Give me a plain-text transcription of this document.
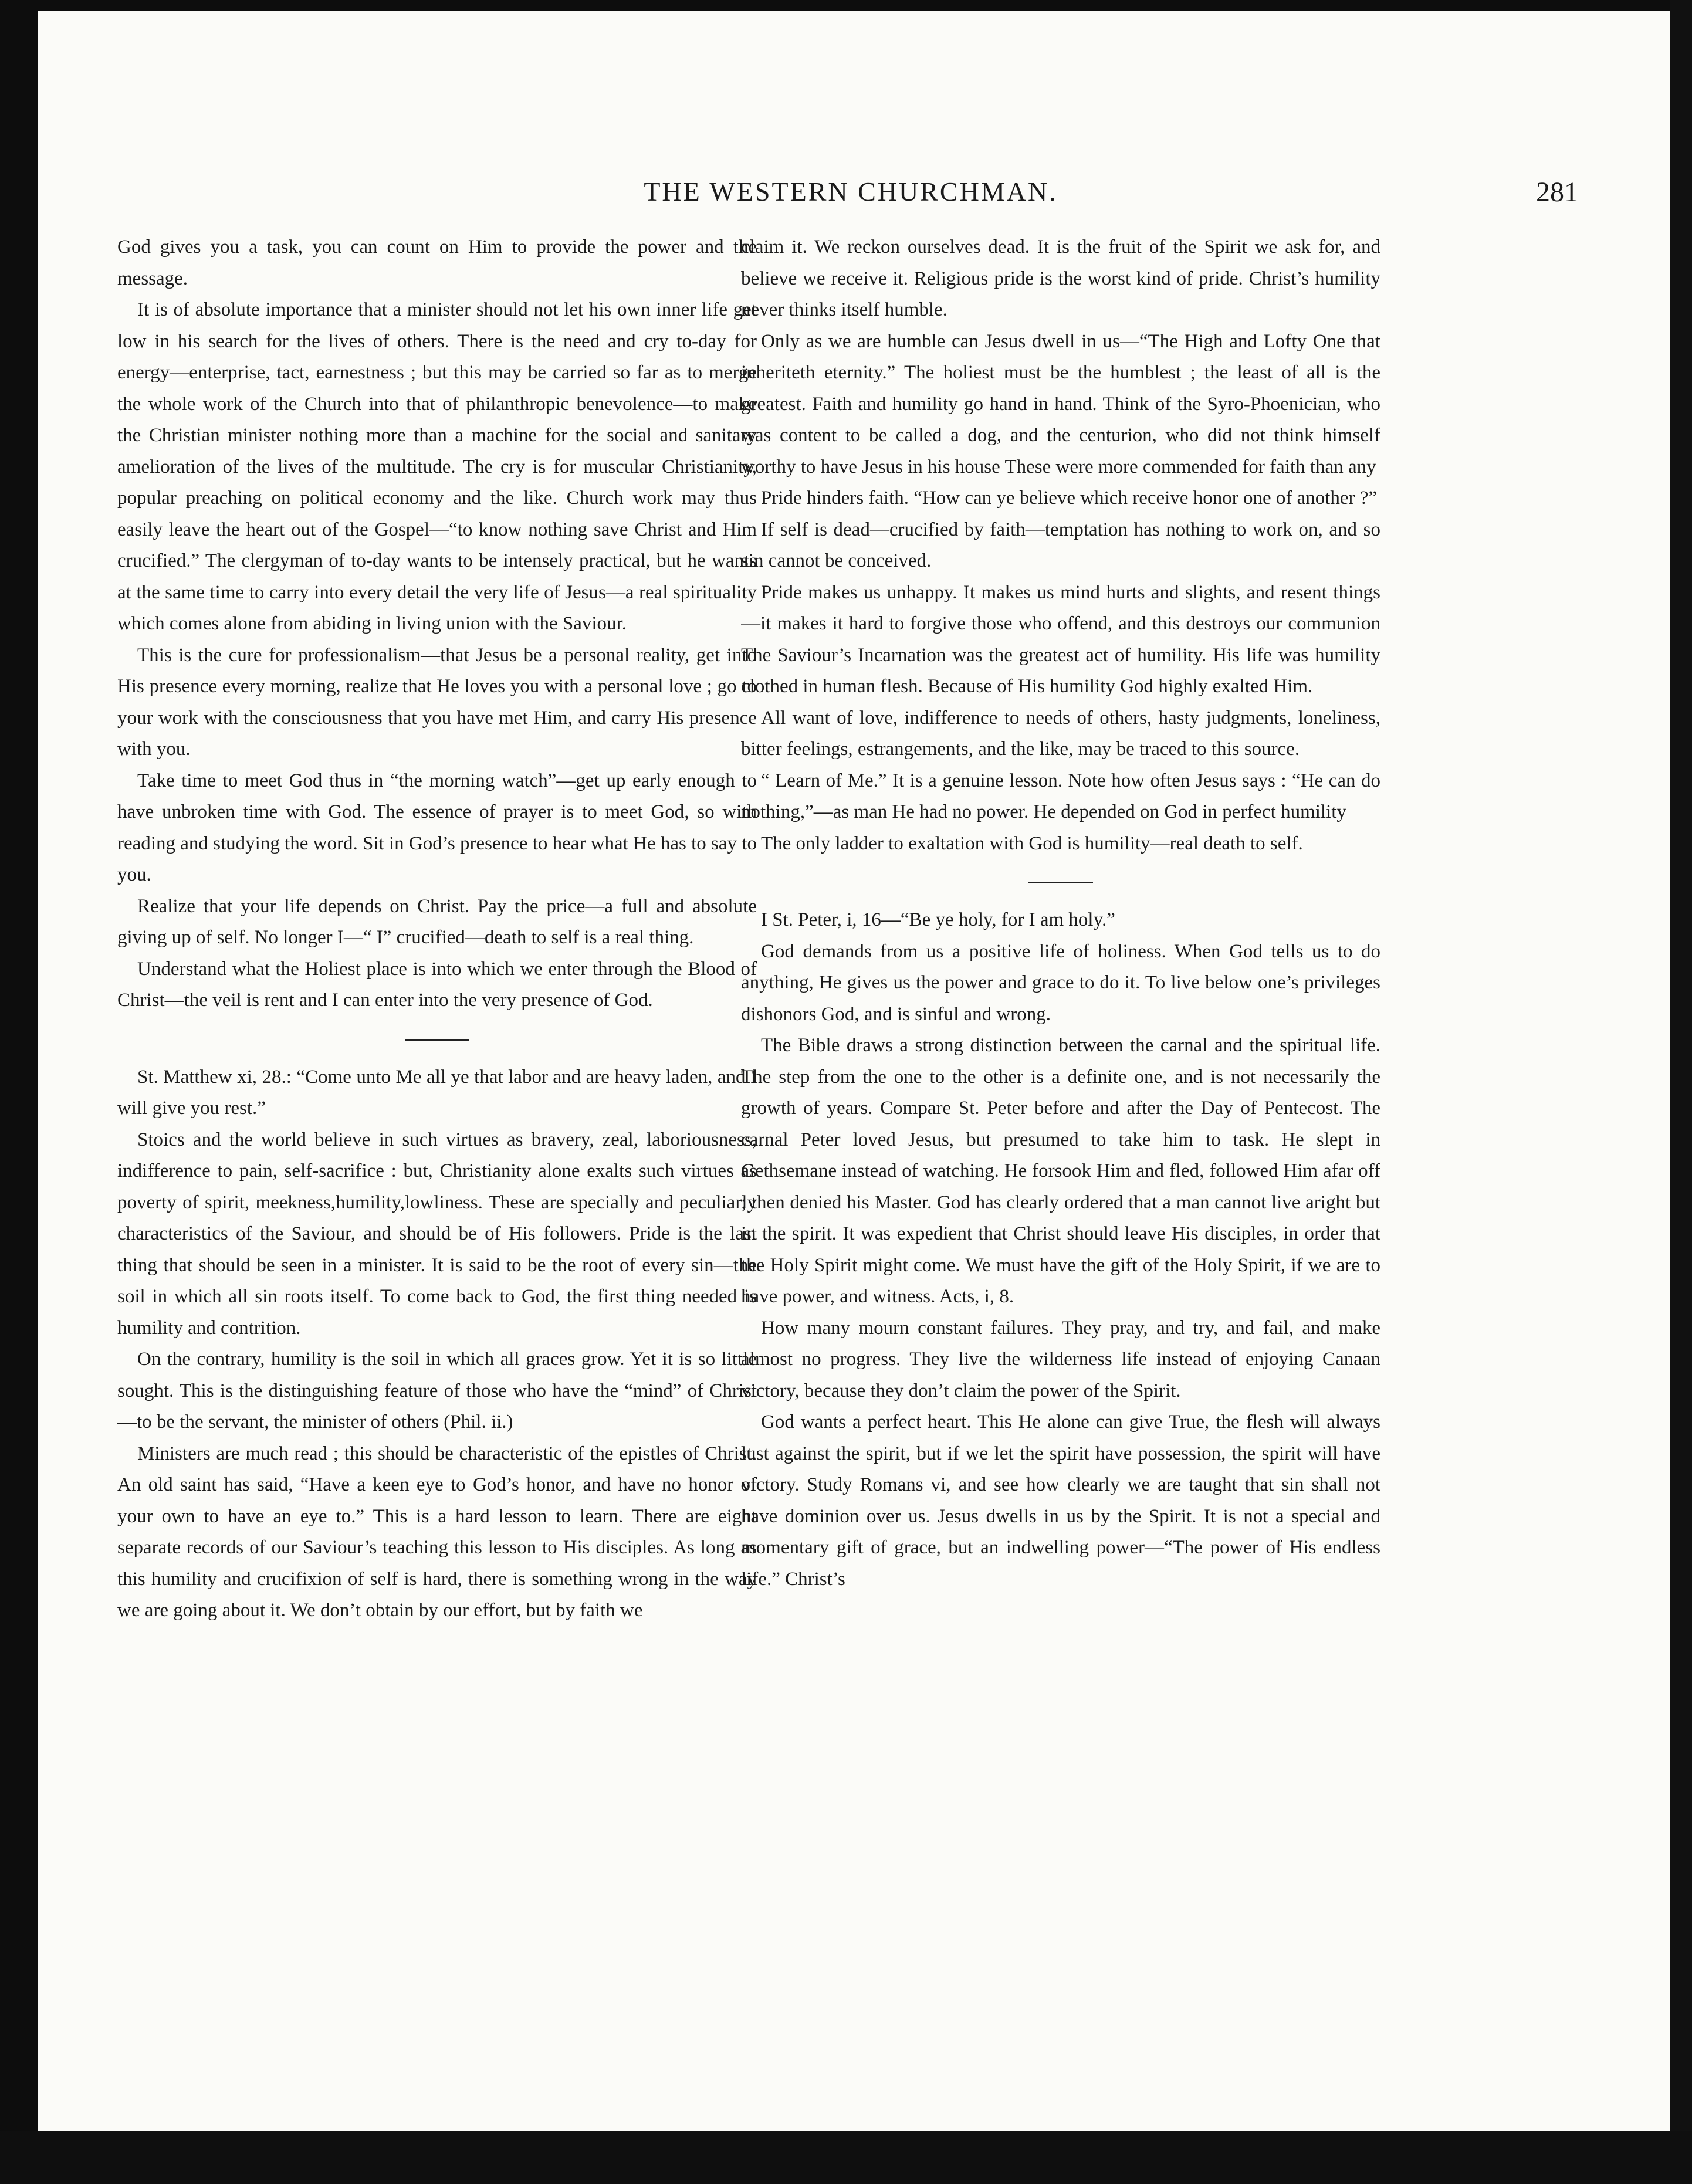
THE WESTERN CHURCHMAN.	281

God gives you a task, you can count on Him to provide the power and the message.

It is of absolute importance that a minister should not let his own inner life get low in his search for the lives of others. There is the need and cry to-day for energy—enterprise, tact, earnestness ; but this may be carried so far as to merge the whole work of the Church into that of philanthropic benevolence—to make the Christian minister nothing more than a machine for the social and sanitary amelioration of the lives of the multitude. The cry is for muscular Christianity, popular preaching on political economy and the like. Church work may thus easily leave the heart out of the Gospel—“to know nothing save Christ and Him crucified.” The clergyman of to-day wants to be intensely practical, but he wants at the same time to carry into every detail the very life of Jesus—a real spirituality which comes alone from abiding in living union with the Saviour.

This is the cure for professionalism—that Jesus be a personal reality, get into His presence every morning, realize that He loves you with a personal love ; go to your work with the consciousness that you have met Him, and carry His presence with you.

Take time to meet God thus in “the morning watch”—get up early enough to have unbroken time with God. The essence of prayer is to meet God, so with reading and studying the word. Sit in God’s presence to hear what He has to say to you.

Realize that your life depends on Christ. Pay the price—a full and absolute giving up of self. No longer I—“ I” crucified—death to self is a real thing.

Understand what the Holiest place is into which we enter through the Blood of Christ—the veil is rent and I can enter into the very presence of God.

St. Matthew xi, 28.: “Come unto Me all ye that labor and are heavy laden, and I will give you rest.”

Stoics and the world believe in such virtues as bravery, zeal, laboriousness, indifference to pain, self-sacrifice : but, Christianity alone exalts such virtues as poverty of spirit, meekness,humility,lowliness. These are specially and peculiarly characteristics of the Saviour, and should be of His followers. Pride is the last thing that should be seen in a minister. It is said to be the root of every sin—the soil in which all sin roots itself. To come back to God, the first thing needed is humility and contrition.

On the contrary, humility is the soil in which all graces grow. Yet it is so little sought. This is the distinguishing feature of those who have the “mind” of Christ—to be the servant, the minister of others (Phil. ii.)

Ministers are much read ; this should be characteristic of the epistles of Christ. An old saint has said, “Have a keen eye to God’s honor, and have no honor of your own to have an eye to.” This is a hard lesson to learn. There are eight separate records of our Saviour’s teaching this lesson to His disciples. As long as this humility and crucifixion of self is hard, there is something wrong in the way we are going about it. We don’t obtain by our effort, but by faith we

claim it. We reckon ourselves dead. It is the fruit of the Spirit we ask for, and believe we receive it. Religious pride is the worst kind of pride. Christ’s humility never thinks itself humble.

Only as we are humble can Jesus dwell in us—“The High and Lofty One that inheriteth eternity.” The holiest must be the humblest ; the least of all is the greatest. Faith and humility go hand in hand. Think of the Syro-Phoenician, who was content to be called a dog, and the centurion, who did not think himself worthy to have Jesus in his house These were more commended for faith than any

Pride hinders faith. “How can ye believe which receive honor one of another ?”

If self is dead—crucified by faith—temptation has nothing to work on, and so sin cannot be conceived.

Pride makes us unhappy. It makes us mind hurts and slights, and resent things—it makes it hard to forgive those who offend, and this destroys our communion The Saviour’s Incarnation was the greatest act of humility. His life was humility clothed in human flesh. Because of His humility God highly exalted Him.

All want of love, indifference to needs of others, hasty judgments, loneliness, bitter feelings, estrangements, and the like, may be traced to this source.

“ Learn of Me.” It is a genuine lesson. Note how often Jesus says : “He can do nothing,”—as man He had no power. He depended on God in perfect humility

The only ladder to exaltation with God is humility—real death to self.

I St. Peter, i, 16—“Be ye holy, for I am holy.”

God demands from us a positive life of holiness. When God tells us to do anything, He gives us the power and grace to do it. To live below one’s privileges dishonors God, and is sinful and wrong.

The Bible draws a strong distinction between the carnal and the spiritual life. The step from the one to the other is a definite one, and is not necessarily the growth of years. Compare St. Peter before and after the Day of Pentecost. The carnal Peter loved Jesus, but presumed to take him to task. He slept in Gethsemane instead of watching. He forsook Him and fled, followed Him afar off ; then denied his Master. God has clearly ordered that a man cannot live aright but in the spirit. It was expedient that Christ should leave His disciples, in order that the Holy Spirit might come. We must have the gift of the Holy Spirit, if we are to have power, and witness. Acts, i, 8.

How many mourn constant failures. They pray, and try, and fail, and make almost no progress. They live the wilderness life instead of enjoying Canaan victory, because they don’t claim the power of the Spirit.

God wants a perfect heart. This He alone can give True, the flesh will always lust against the spirit, but if we let the spirit have possession, the spirit will have victory. Study Romans vi, and see how clearly we are taught that sin shall not have dominion over us. Jesus dwells in us by the Spirit. It is not a special and momentary gift of grace, but an indwelling power—“The power of His endless life.” Christ’s
